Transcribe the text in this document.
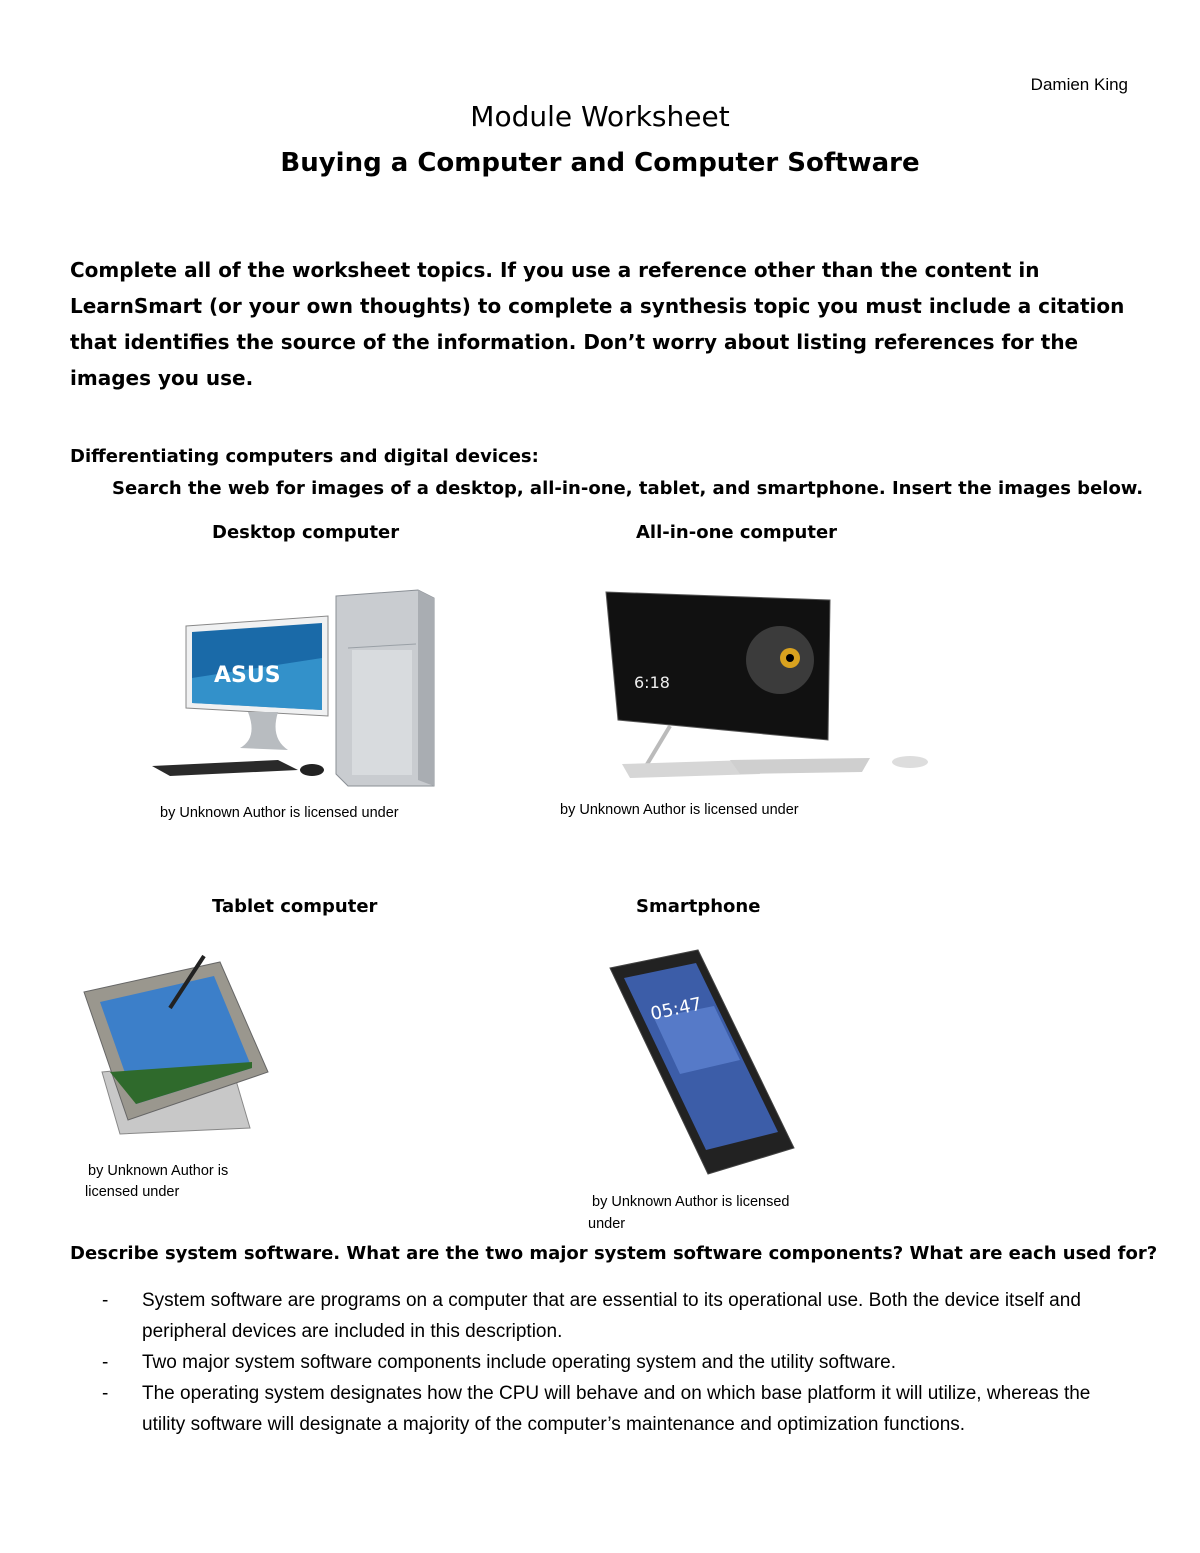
Damien King
Module Worksheet
Buying a Computer and Computer Software
Complete all of the worksheet topics. If you use a reference other than the content in LearnSmart (or your own thoughts) to complete a synthesis topic you must include a citation that identifies the source of the information. Don’t worry about listing references for the images you use.
Differentiating computers and digital devices:
Search the web for images of a desktop, all-in-one, tablet, and smartphone. Insert the images below.
Desktop computer
ASUS
by Unknown Author is licensed under
All-in-one computer
6:18
by Unknown Author is licensed under
Tablet computer
by Unknown Author is
licensed under
Smartphone
05:47
by Unknown Author is licensed
under
Describe system software. What are the two major system software components? What are each used for?
- System software are programs on a computer that are essential to its operational use. Both the device itself and peripheral devices are included in this description.
- Two major system software components include operating system and the utility software.
- The operating system designates how the CPU will behave and on which base platform it will utilize, whereas the utility software will designate a majority of the computer’s maintenance and optimization functions.
